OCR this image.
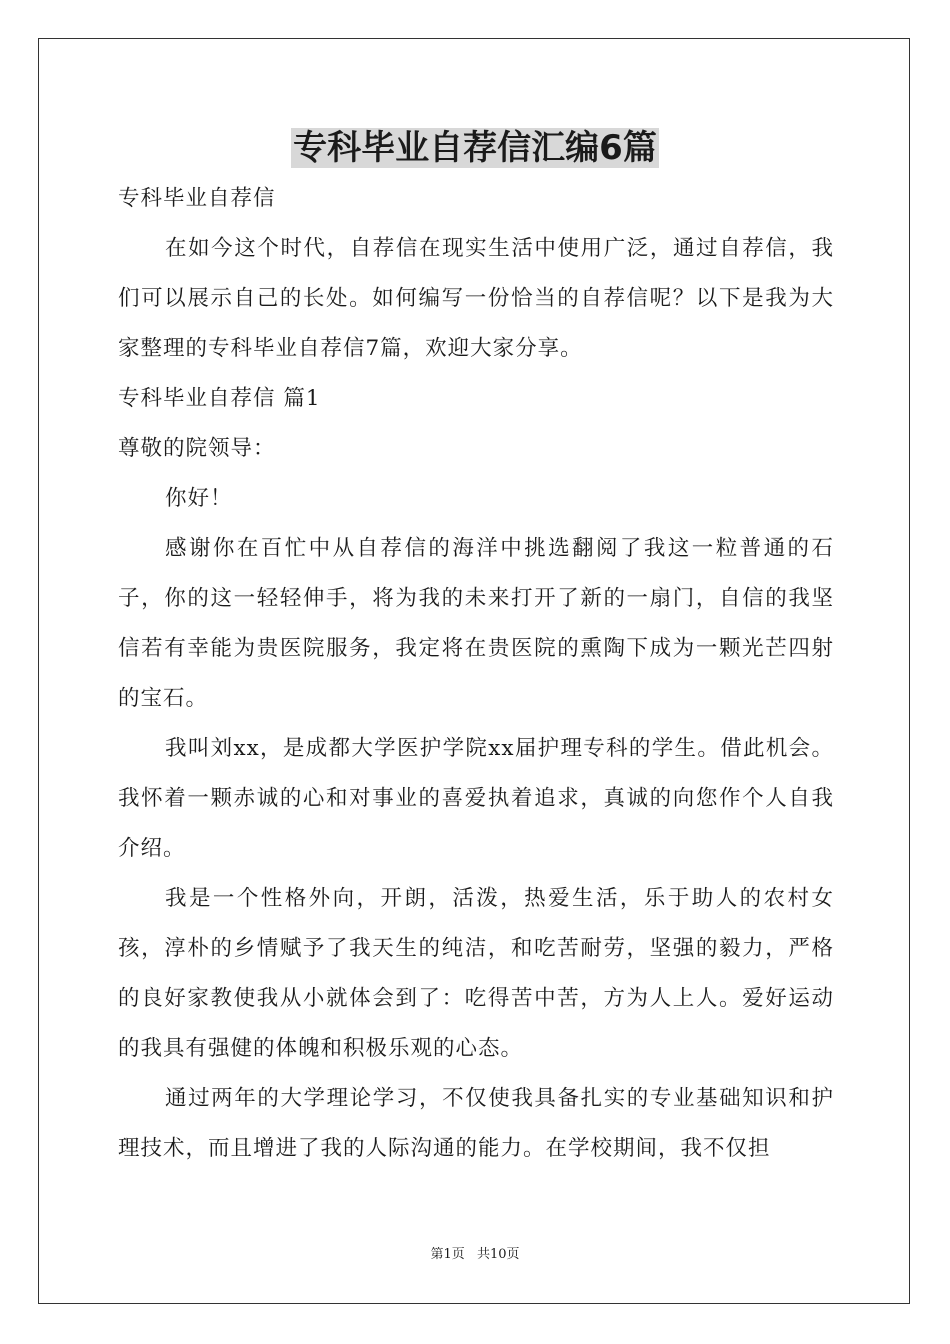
专科毕业自荐信汇编6篇

专科毕业自荐信

在如今这个时代，自荐信在现实生活中使用广泛，通过自荐信，我们可以展示自己的长处。如何编写一份恰当的自荐信呢？以下是我为大家整理的专科毕业自荐信7篇，欢迎大家分享。

专科毕业自荐信 篇1

尊敬的院领导：

你好！

感谢你在百忙中从自荐信的海洋中挑选翻阅了我这一粒普通的石子，你的这一轻轻伸手，将为我的未来打开了新的一扇门，自信的我坚信若有幸能为贵医院服务，我定将在贵医院的熏陶下成为一颗光芒四射的宝石。

我叫刘xx，是成都大学医护学院xx届护理专科的学生。借此机会。我怀着一颗赤诚的心和对事业的喜爱执着追求，真诚的向您作个人自我介绍。

我是一个性格外向，开朗，活泼，热爱生活，乐于助人的农村女孩，淳朴的乡情赋予了我天生的纯洁，和吃苦耐劳，坚强的毅力，严格的良好家教使我从小就体会到了：吃得苦中苦，方为人上人。爱好运动的我具有强健的体魄和积极乐观的心态。

通过两年的大学理论学习，不仅使我具备扎实的专业基础知识和护理技术，而且增进了我的人际沟通的能力。在学校期间，我不仅担

第1页 共10页
